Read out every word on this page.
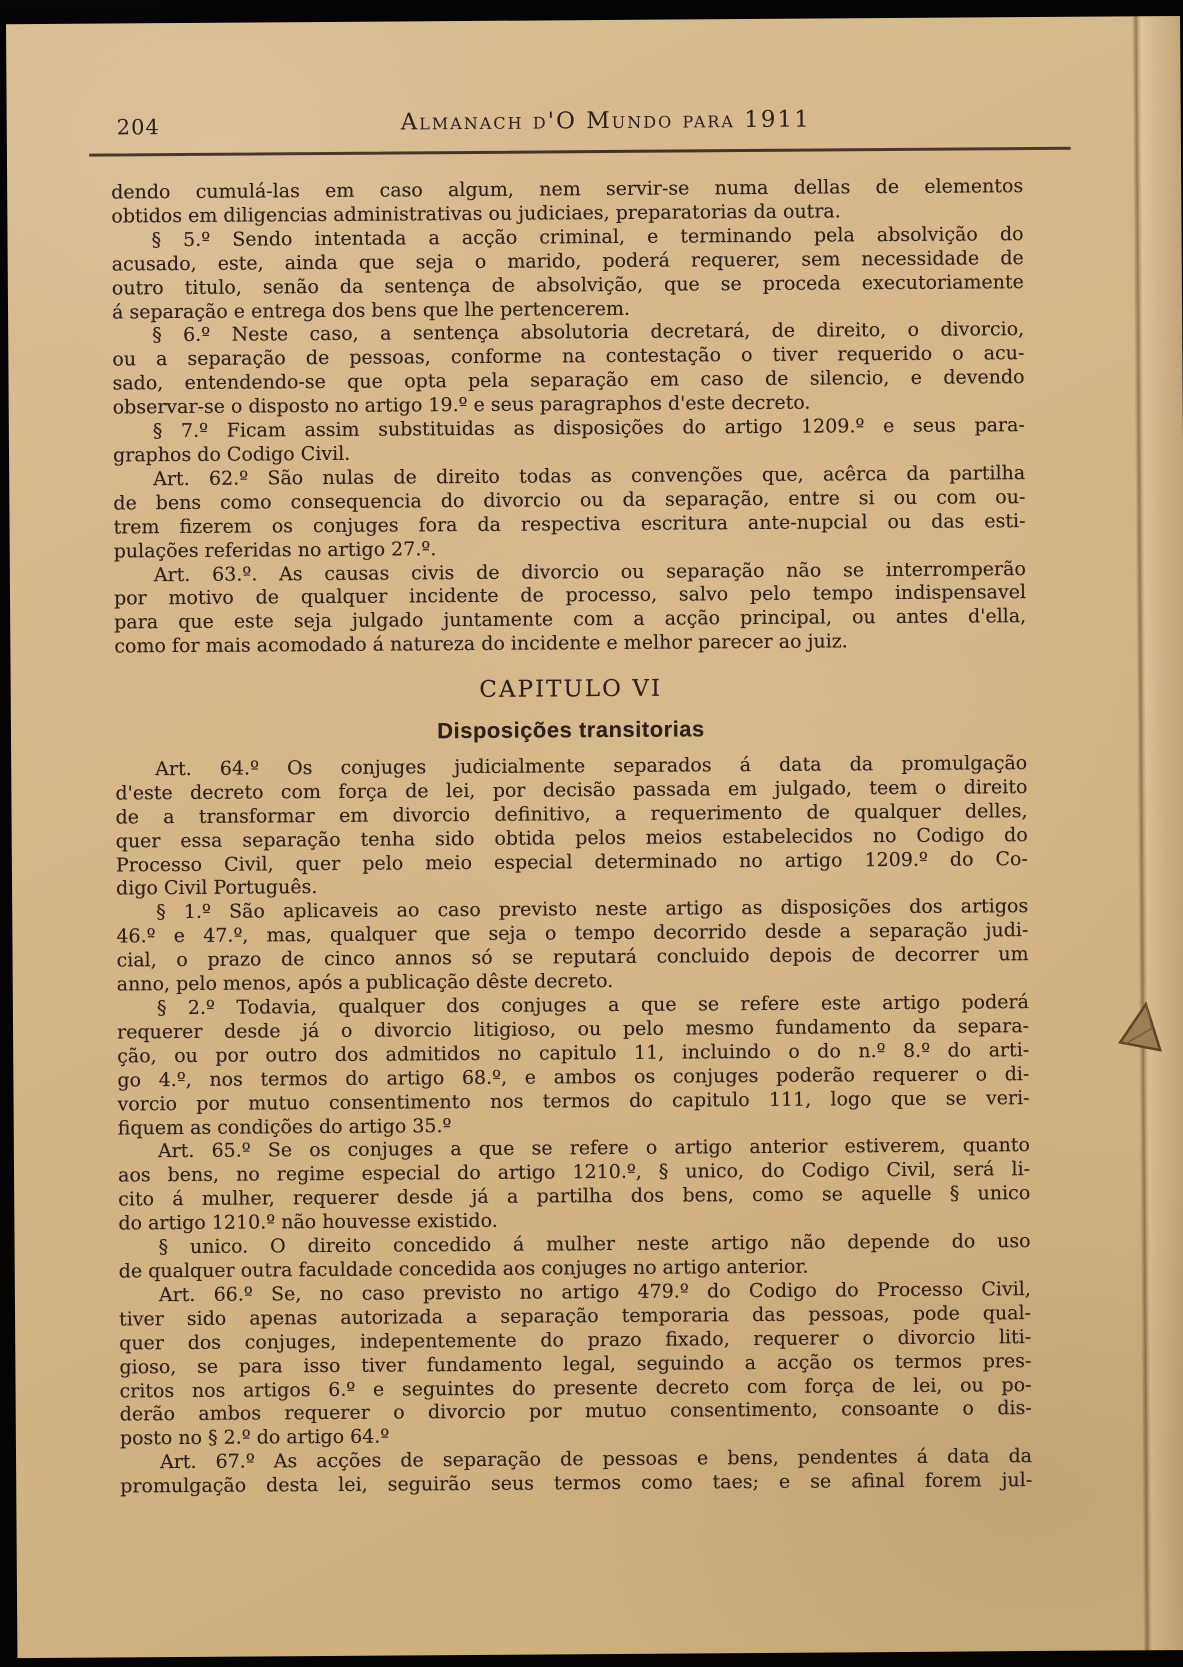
204	Almanach d'O Mundo para 1911
dendo cumulá-las em caso algum, nem servir-se numa dellas de elementos
obtidos em diligencias administrativas ou judiciaes, preparatorias da outra.
§ 5.º Sendo intentada a acção criminal, e terminando pela absolvição do
acusado, este, ainda que seja o marido, poderá requerer, sem necessidade de
outro titulo, senão da sentença de absolvição, que se proceda executoriamente
á separação e entrega dos bens que lhe pertencerem.
§ 6.º Neste caso, a sentença absolutoria decretará, de direito, o divorcio,
ou a separação de pessoas, conforme na contestação o tiver requerido o acu-
sado, entendendo-se que opta pela separação em caso de silencio, e devendo
observar-se o disposto no artigo 19.º e seus paragraphos d'este decreto.
§ 7.º Ficam assim substituidas as disposições do artigo 1209.º e seus para-
graphos do Codigo Civil.
Art. 62.º São nulas de direito todas as convenções que, acêrca da partilha
de bens como consequencia do divorcio ou da separação, entre si ou com ou-
trem fizerem os conjuges fora da respectiva escritura ante-nupcial ou das esti-
pulações referidas no artigo 27.º.
Art. 63.º. As causas civis de divorcio ou separação não se interromperão
por motivo de qualquer incidente de processo, salvo pelo tempo indispensavel
para que este seja julgado juntamente com a acção principal, ou antes d'ella,
como for mais acomodado á natureza do incidente e melhor parecer ao juiz.
CAPITULO VI
Disposições transitorias
Art. 64.º Os conjuges judicialmente separados á data da promulgação
d'este decreto com força de lei, por decisão passada em julgado, teem o direito
de a transformar em divorcio definitivo, a requerimento de qualquer delles,
quer essa separação tenha sido obtida pelos meios estabelecidos no Codigo do
Processo Civil, quer pelo meio especial determinado no artigo 1209.º do Co-
digo Civil Português.
§ 1.º São aplicaveis ao caso previsto neste artigo as disposições dos artigos
46.º e 47.º, mas, qualquer que seja o tempo decorrido desde a separação judi-
cial, o prazo de cinco annos só se reputará concluido depois de decorrer um
anno, pelo menos, após a publicação dêste decreto.
§ 2.º Todavia, qualquer dos conjuges a que se refere este artigo poderá
requerer desde já o divorcio litigioso, ou pelo mesmo fundamento da separa-
ção, ou por outro dos admitidos no capitulo 11, incluindo o do n.º 8.º do arti-
go 4.º, nos termos do artigo 68.º, e ambos os conjuges poderão requerer o di-
vorcio por mutuo consentimento nos termos do capitulo 111, logo que se veri-
fiquem as condições do artigo 35.º
Art. 65.º Se os conjuges a que se refere o artigo anterior estiverem, quanto
aos bens, no regime especial do artigo 1210.º, § unico, do Codigo Civil, será li-
cito á mulher, requerer desde já a partilha dos bens, como se aquelle § unico
do artigo 1210.º não houvesse existido.
§ unico. O direito concedido á mulher neste artigo não depende do uso
de qualquer outra faculdade concedida aos conjuges no artigo anterior.
Art. 66.º Se, no caso previsto no artigo 479.º do Codigo do Processo Civil,
tiver sido apenas autorizada a separação temporaria das pessoas, pode qual-
quer dos conjuges, indepentemente do prazo fixado, requerer o divorcio liti-
gioso, se para isso tiver fundamento legal, seguindo a acção os termos pres-
critos nos artigos 6.º e seguintes do presente decreto com força de lei, ou po-
derão ambos requerer o divorcio por mutuo consentimento, consoante o dis-
posto no § 2.º do artigo 64.º
Art. 67.º As acções de separação de pessoas e bens, pendentes á data da
promulgação desta lei, seguirão seus termos como taes; e se afinal forem jul-
